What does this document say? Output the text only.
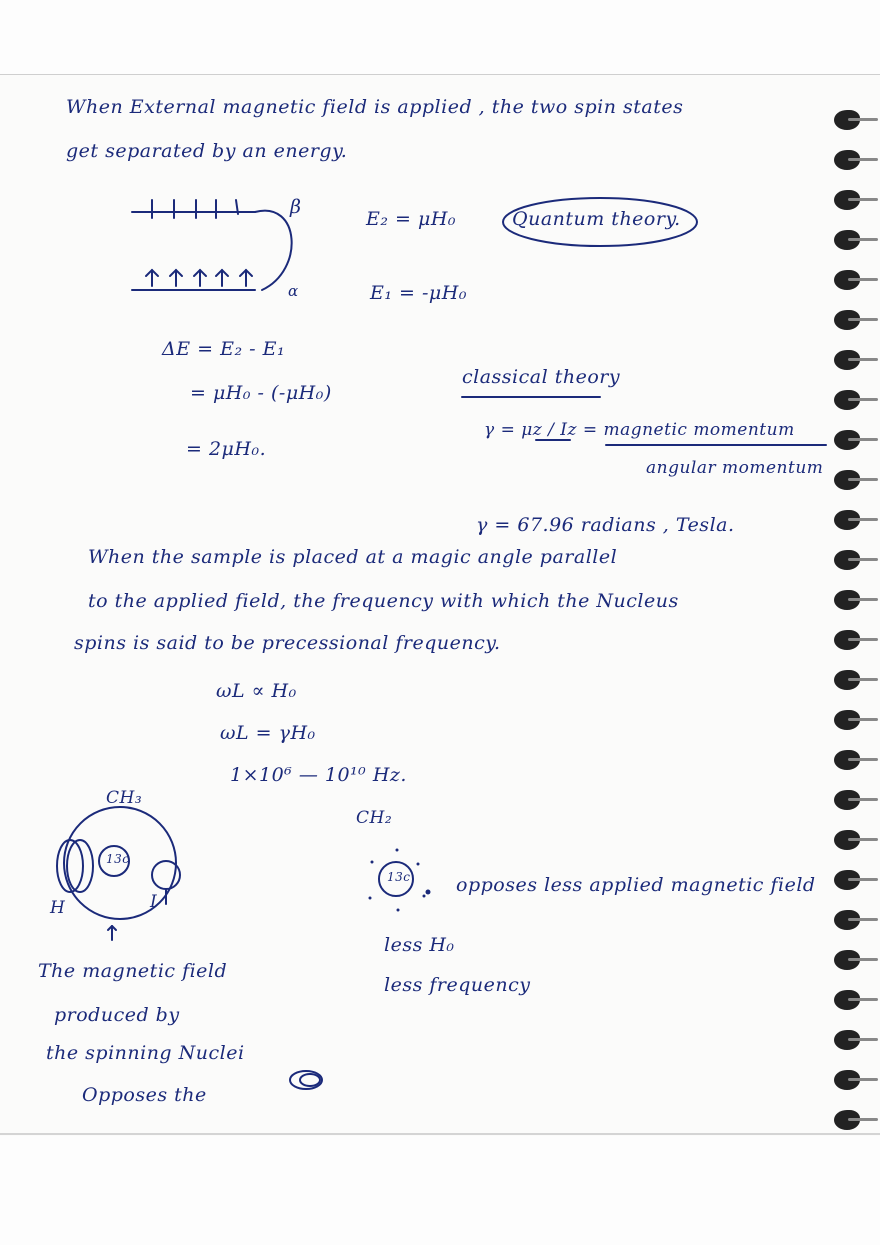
When External magnetic field is applied , the two spin states
get separated by an energy.
β
α
E₂ = μH₀
E₁ = -μH₀
Quantum theory.
ΔE = E₂ - E₁
= μH₀ - (-μH₀)
= 2μH₀.
classical theory
γ = μz / Iz = magnetic momentum
angular momentum
γ = 67.96 radians , Tesla.
When the sample is placed at a magic angle parallel
to the applied field, the frequency with which the Nucleus
spins is said to be precessional frequency.
ωL ∝ H₀
ωL = γH₀
1×10⁶ — 10¹⁰ Hz.
CH₃
13c
H	I
CH₂
13c opposes less applied magnetic field
less H₀
less frequency
The magnetic field
produced by
the spinning Nuclei
Opposes the
